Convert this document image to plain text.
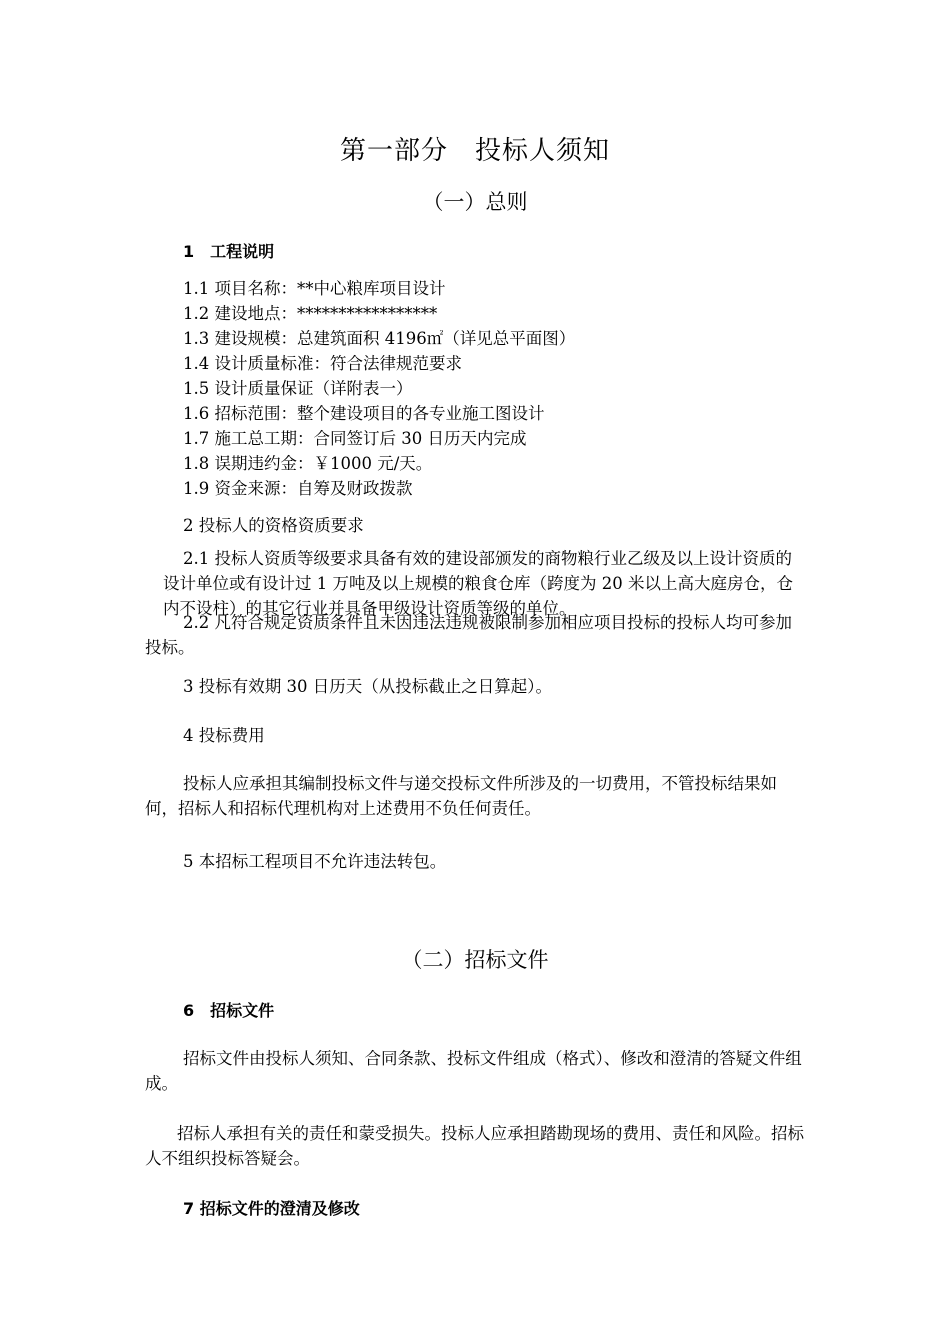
第一部分　投标人须知
（一）总则
1　工程说明
1.1 项目名称：**中心粮库项目设计
1.2 建设地点：*****************
1.3 建设规模：总建筑面积 4196㎡（详见总平面图）
1.4 设计质量标准：符合法律规范要求
1.5 设计质量保证（详附表一）
1.6 招标范围：整个建设项目的各专业施工图设计
1.7 施工总工期：合同签订后 30 日历天内完成
1.8 误期违约金：￥1000 元/天。
1.9 资金来源：自筹及财政拨款
2 投标人的资格资质要求
2.1 投标人资质等级要求具备有效的建设部颁发的商物粮行业乙级及以上设计资质的设计单位或有设计过 1 万吨及以上规模的粮食仓库（跨度为 20 米以上高大庭房仓，仓内不设柱）的其它行业并具备甲级设计资质等级的单位。
2.2 凡符合规定资质条件且未因违法违规被限制参加相应项目投标的投标人均可参加投标。
3 投标有效期 30 日历天（从投标截止之日算起）。
4 投标费用
投标人应承担其编制投标文件与递交投标文件所涉及的一切费用，不管投标结果如何，招标人和招标代理机构对上述费用不负任何责任。
5 本招标工程项目不允许违法转包。
（二）招标文件
6　招标文件
招标文件由投标人须知、合同条款、投标文件组成（格式）、修改和澄清的答疑文件组成。
招标人承担有关的责任和蒙受损失。投标人应承担踏勘现场的费用、责任和风险。招标人不组织投标答疑会。
7 招标文件的澄清及修改
